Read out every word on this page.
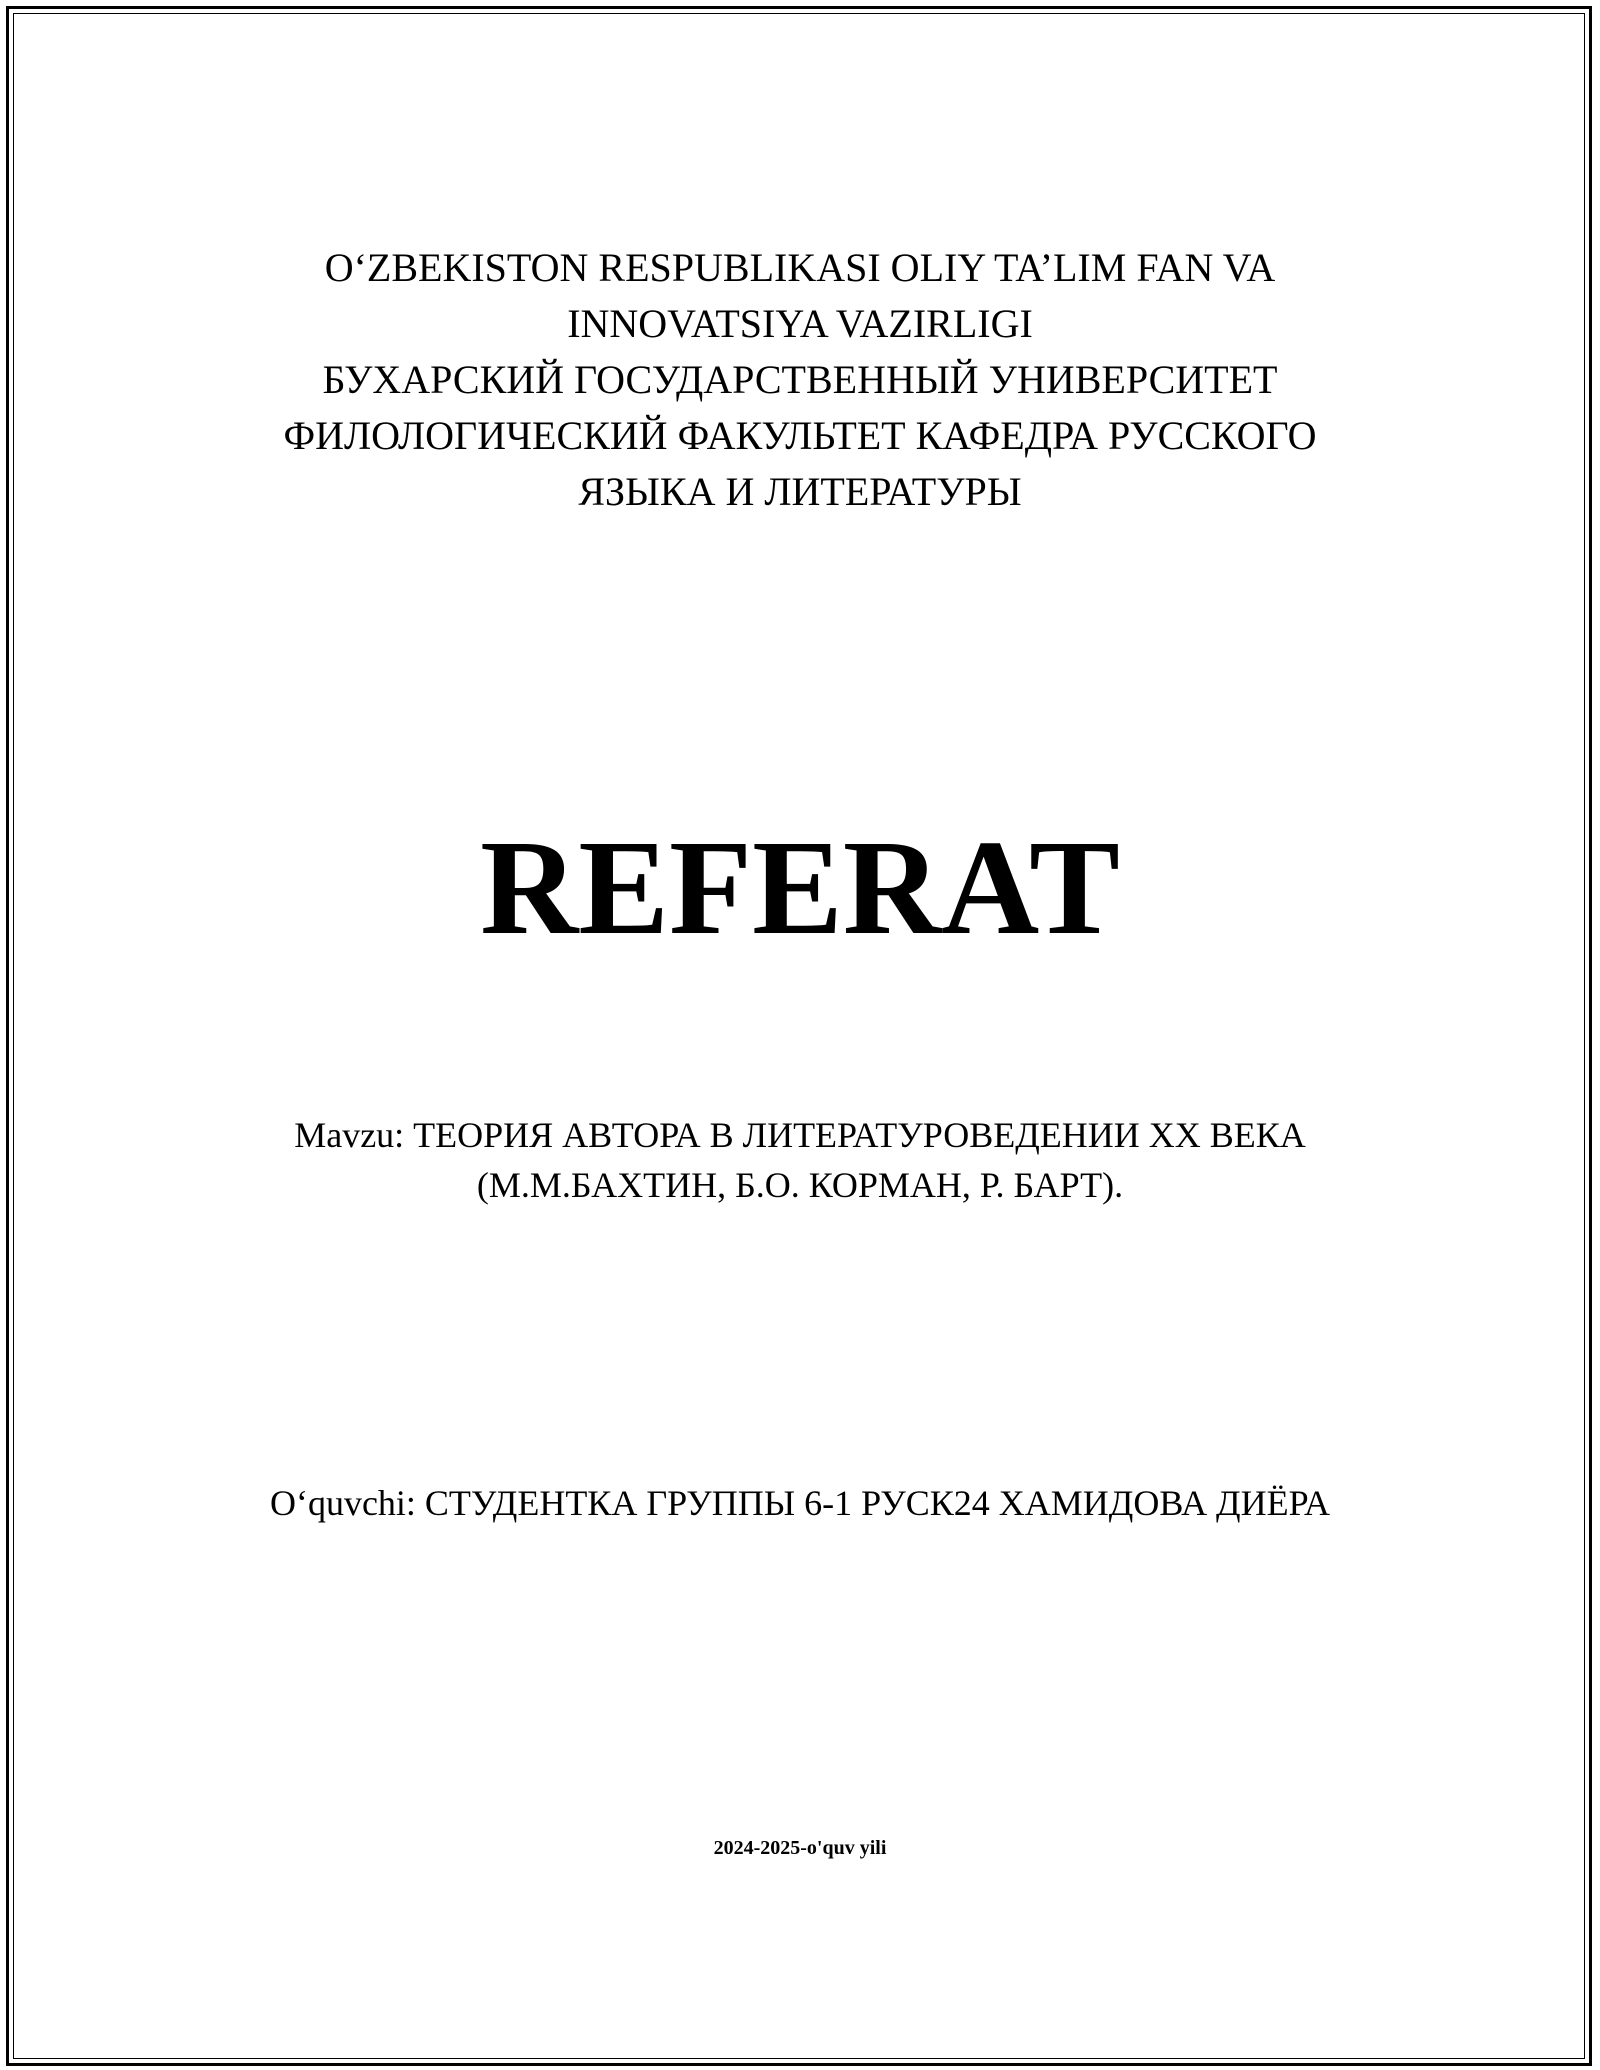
O‘ZBEKISTON RESPUBLIKASI OLIY TA’LIM FAN VA
INNOVATSIYA VAZIRLIGI
БУХАРСКИЙ ГОСУДАРСТВЕННЫЙ УНИВЕРСИТЕТ
ФИЛОЛОГИЧЕСКИЙ ФАКУЛЬТЕТ КАФЕДРА РУССКОГО
ЯЗЫКА И ЛИТЕРАТУРЫ
REFERAT
Mavzu: ТЕОРИЯ АВТОРА В ЛИТЕРАТУРОВЕДЕНИИ XX ВЕКА
(М.М.БАХТИН, Б.О. КОРМАН, Р. БАРТ).
O‘quvchi: СТУДЕНТКА ГРУППЫ 6-1 РУСК24 ХАМИДОВА ДИЁРА
2024-2025-o'quv yili
